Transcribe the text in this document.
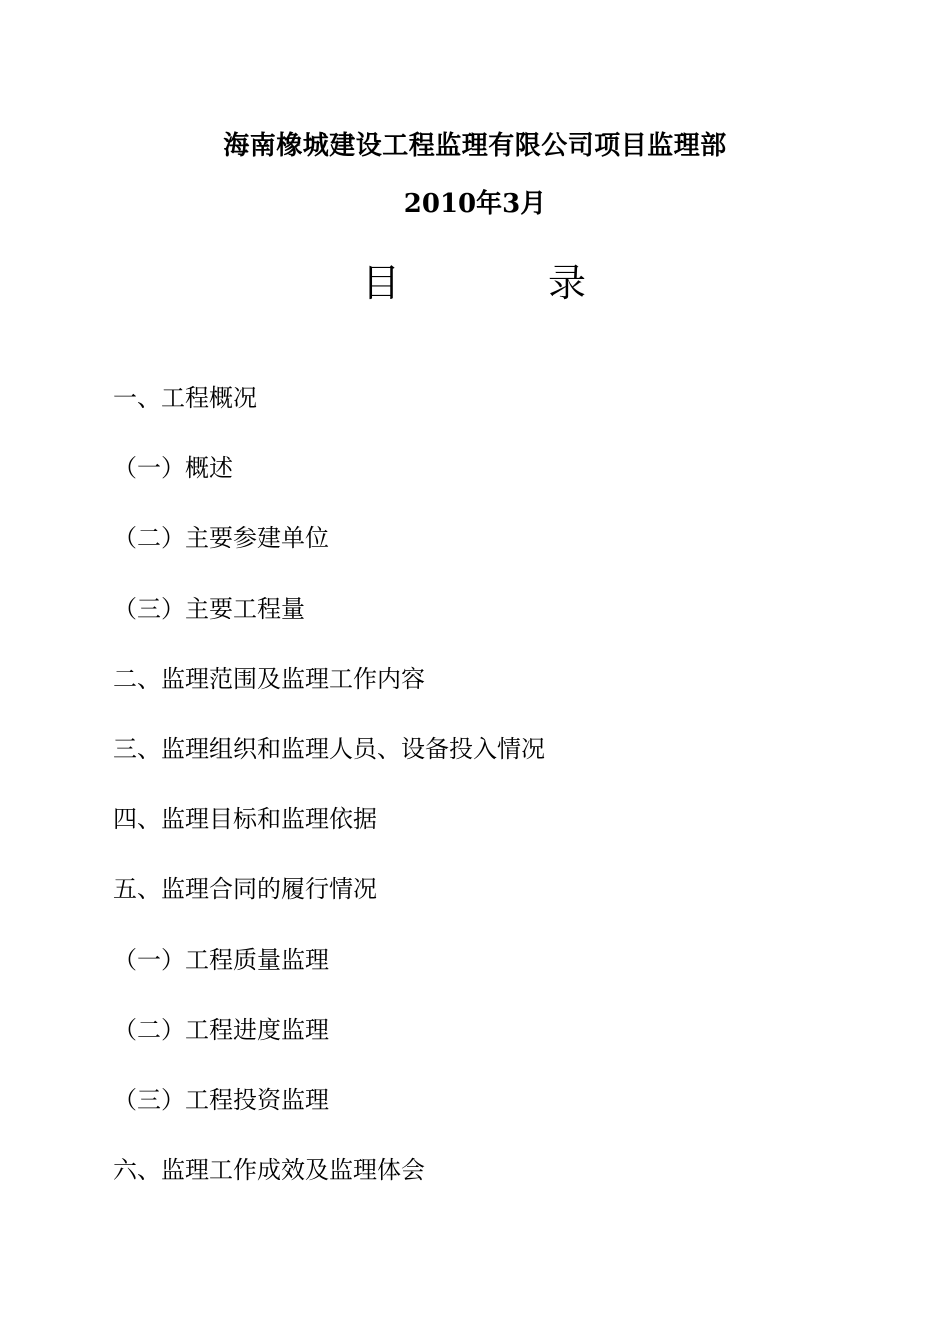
海南橡城建设工程监理有限公司项目监理部
2010年3月
目	录
一、工程概况
（一）概述
（二）主要参建单位
（三）主要工程量
二、监理范围及监理工作内容
三、监理组织和监理人员、设备投入情况
四、监理目标和监理依据
五、监理合同的履行情况
（一）工程质量监理
（二）工程进度监理
（三）工程投资监理
六、监理工作成效及监理体会
